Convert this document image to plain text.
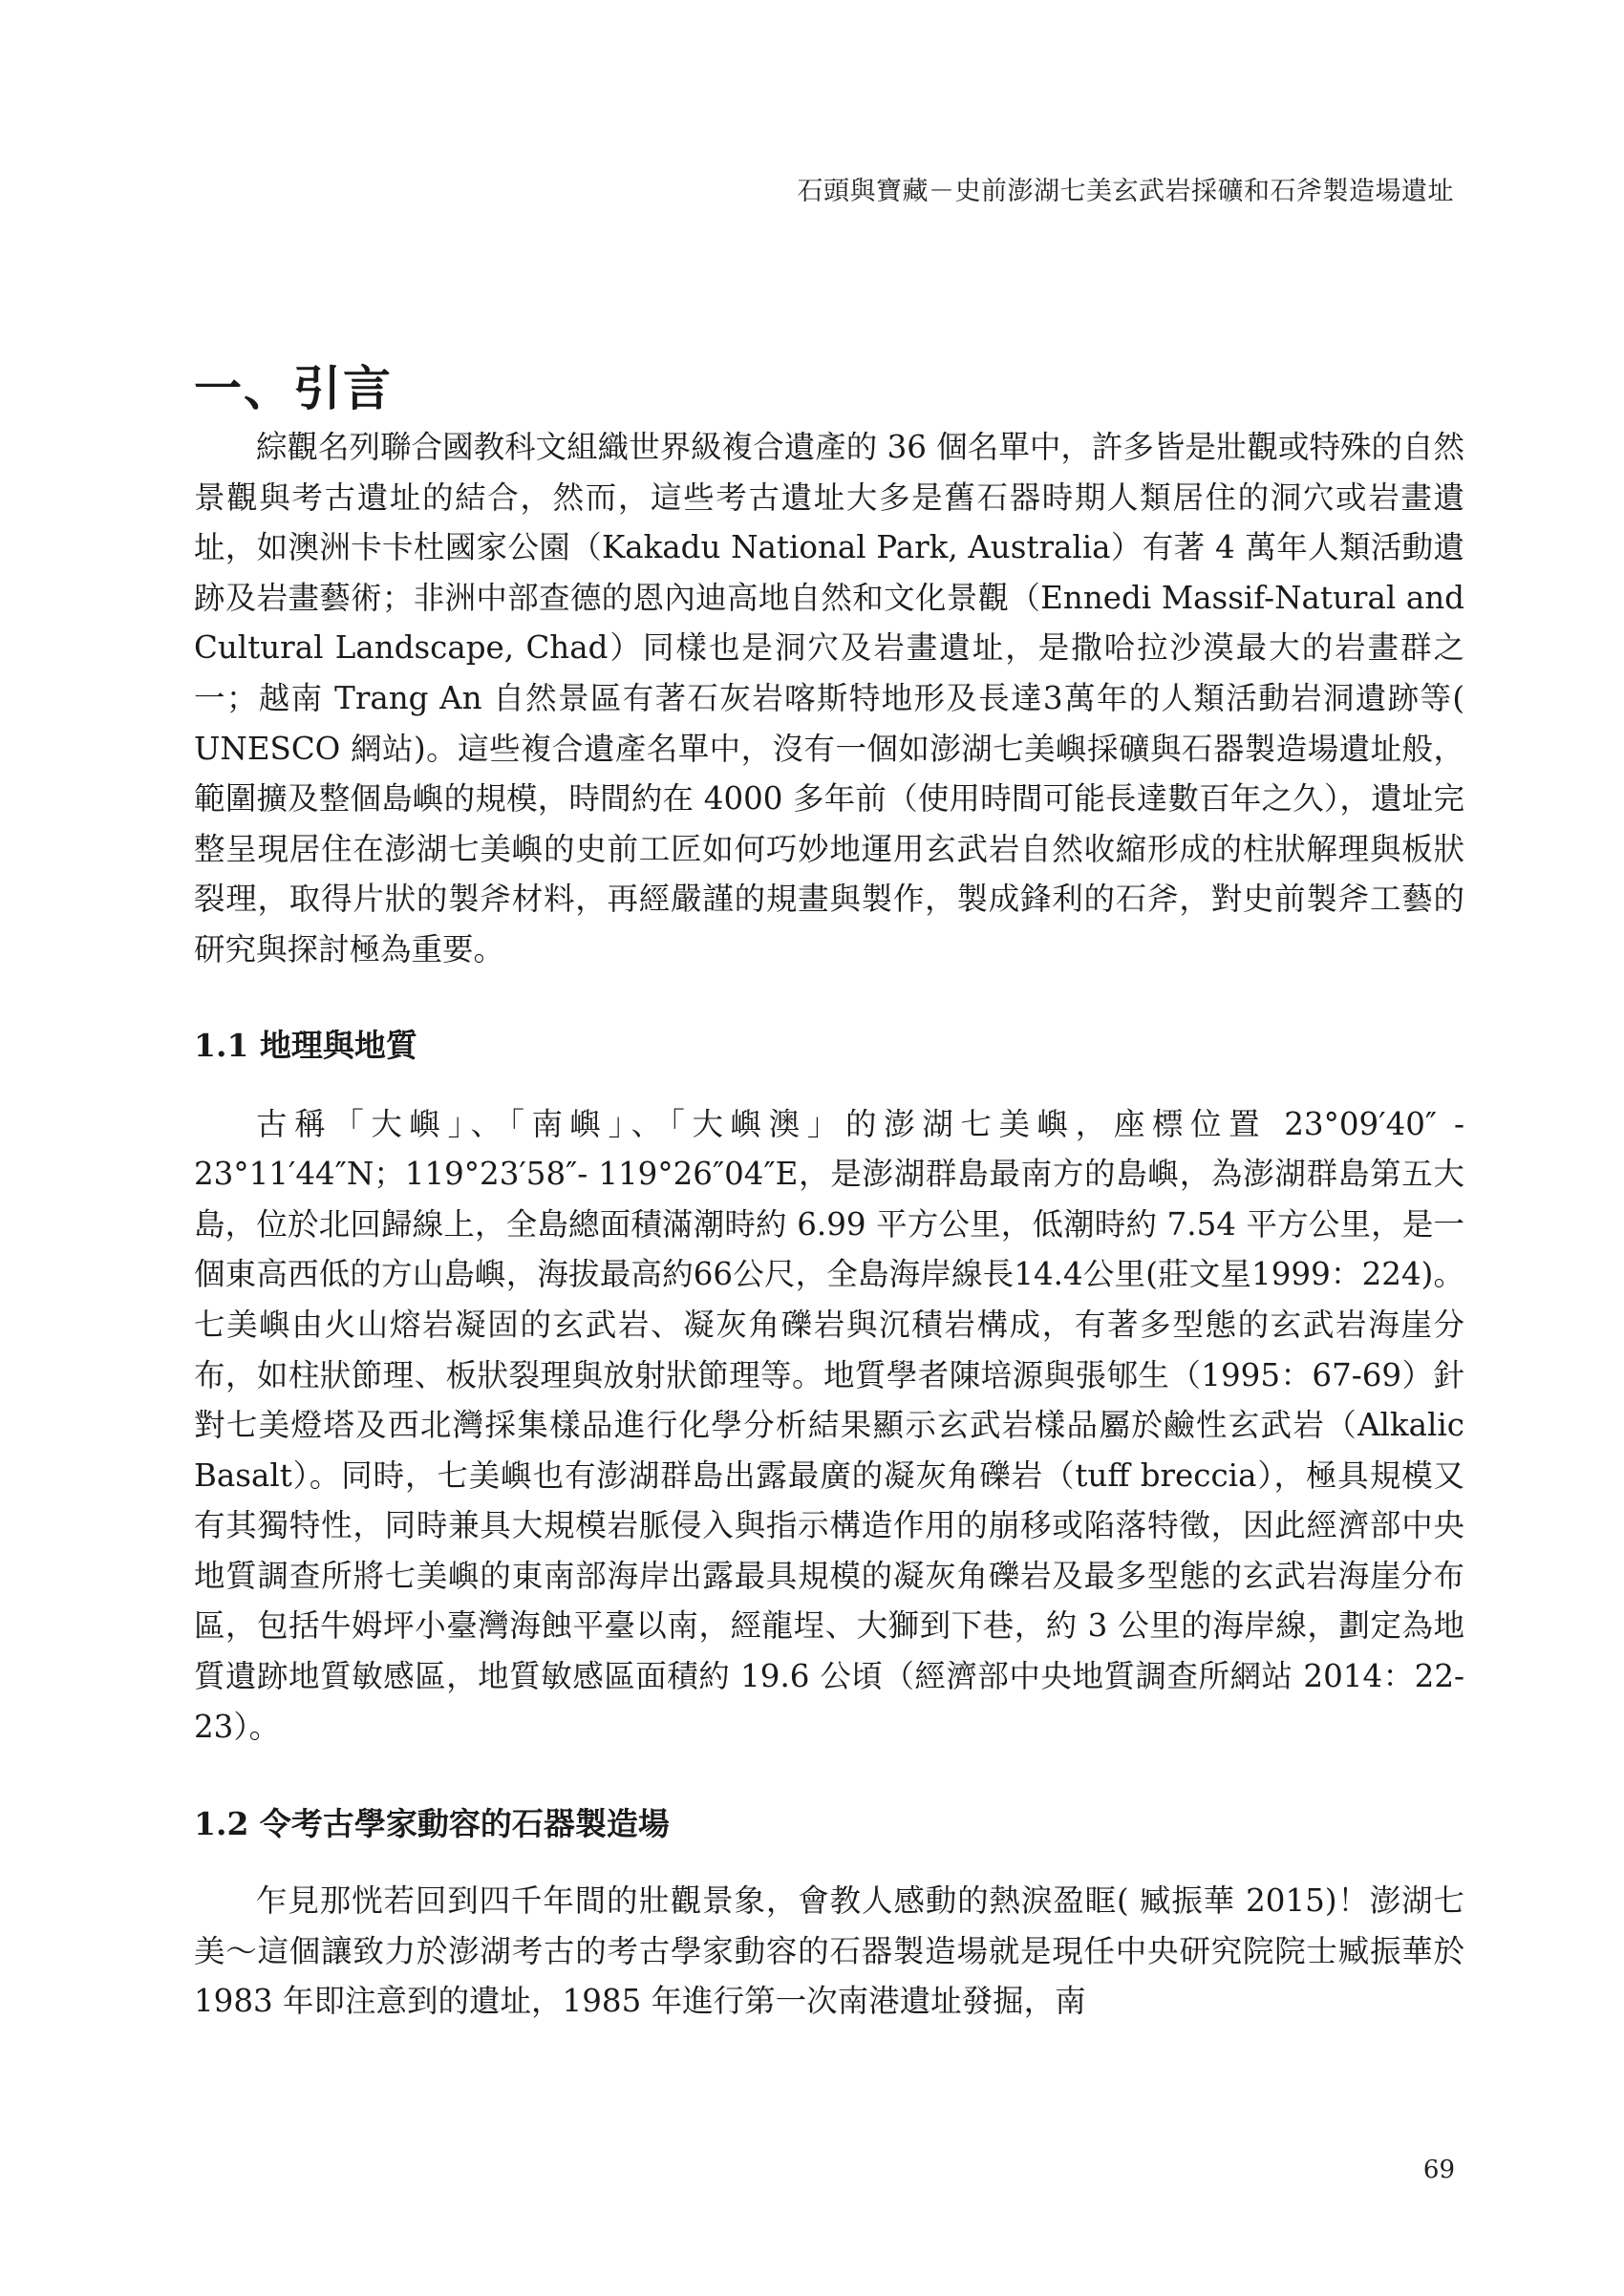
石頭與寶藏－史前澎湖七美玄武岩採礦和石斧製造場遺址
一、引言

綜觀名列聯合國教科文組織世界級複合遺產的 36 個名單中，許多皆是壯觀或特殊的自然景觀與考古遺址的結合，然而，這些考古遺址大多是舊石器時期人類居住的洞穴或岩畫遺址，如澳洲卡卡杜國家公園（Kakadu National Park, Australia）有著 4 萬年人類活動遺跡及岩畫藝術；非洲中部查德的恩內迪高地自然和文化景觀（Ennedi Massif-Natural and Cultural Landscape, Chad）同樣也是洞穴及岩畫遺址，是撒哈拉沙漠最大的岩畫群之一；越南 Trang An 自然景區有著石灰岩喀斯特地形及長達3萬年的人類活動岩洞遺跡等( UNESCO 網站)。這些複合遺產名單中，沒有一個如澎湖七美嶼採礦與石器製造場遺址般，範圍擴及整個島嶼的規模，時間約在 4000 多年前（使用時間可能長達數百年之久），遺址完整呈現居住在澎湖七美嶼的史前工匠如何巧妙地運用玄武岩自然收縮形成的柱狀解理與板狀裂理，取得片狀的製斧材料，再經嚴謹的規畫與製作，製成鋒利的石斧，對史前製斧工藝的研究與探討極為重要。

1.1 地理與地質

古稱「大嶼」、「南嶼」、「大嶼澳」的澎湖七美嶼，座標位置 23°09′40″ - 23°11′44″N；119°23′58″- 119°26″04″E，是澎湖群島最南方的島嶼，為澎湖群島第五大島，位於北回歸線上，全島總面積滿潮時約 6.99 平方公里，低潮時約 7.54 平方公里，是一個東高西低的方山島嶼，海拔最高約66公尺，全島海岸線長14.4公里(莊文星1999：224)。七美嶼由火山熔岩凝固的玄武岩、凝灰角礫岩與沉積岩構成，有著多型態的玄武岩海崖分布，如柱狀節理、板狀裂理與放射狀節理等。地質學者陳培源與張郇生（1995：67-69）針對七美燈塔及西北灣採集樣品進行化學分析結果顯示玄武岩樣品屬於鹼性玄武岩（Alkalic Basalt）。同時，七美嶼也有澎湖群島出露最廣的凝灰角礫岩（tuff breccia），極具規模又有其獨特性，同時兼具大規模岩脈侵入與指示構造作用的崩移或陷落特徵，因此經濟部中央地質調查所將七美嶼的東南部海岸出露最具規模的凝灰角礫岩及最多型態的玄武岩海崖分布區，包括牛姆坪小臺灣海蝕平臺以南，經龍埕、大獅到下巷，約 3 公里的海岸線，劃定為地質遺跡地質敏感區，地質敏感區面積約 19.6 公頃（經濟部中央地質調查所網站 2014：22-23）。

1.2 令考古學家動容的石器製造場

乍見那恍若回到四千年間的壯觀景象，會教人感動的熱淚盈眶( 臧振華 2015)！澎湖七美～這個讓致力於澎湖考古的考古學家動容的石器製造場就是現任中央研究院院士臧振華於 1983 年即注意到的遺址，1985 年進行第一次南港遺址發掘，南

69
